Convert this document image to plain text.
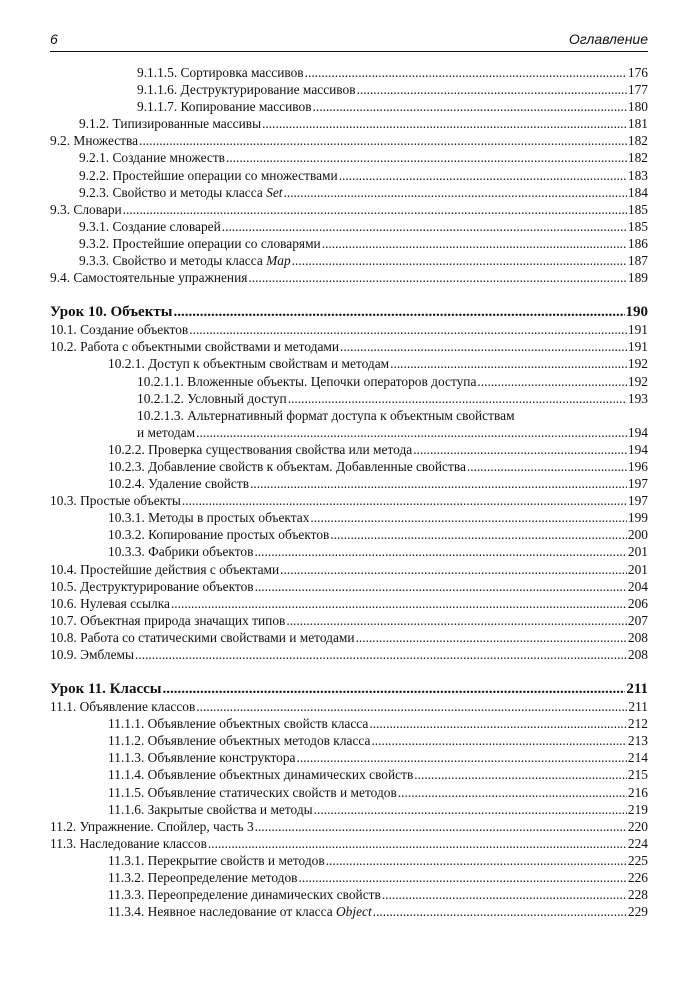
6	Оглавление
9.1.1.5. Сортировка массивов .....	176
9.1.1.6. Деструктурирование массивов .....	177
9.1.1.7. Копирование массивов .....	180
9.1.2. Типизированные массивы .....	181
9.2. Множества .....	182
9.2.1. Создание множеств .....	182
9.2.2. Простейшие операции со множествами .....	183
9.2.3. Свойство и методы класса Set .....	184
9.3. Словари .....	185
9.3.1. Создание словарей .....	185
9.3.2. Простейшие операции со словарями .....	186
9.3.3. Свойство и методы класса Map .....	187
9.4. Самостоятельные упражнения .....	189
Урок 10. Объекты .....	190
10.1. Создание объектов .....	191
10.2. Работа с объектными свойствами и методами .....	191
10.2.1. Доступ к объектным свойствам и методам .....	192
10.2.1.1. Вложенные объекты. Цепочки операторов доступа .....	192
10.2.1.2. Условный доступ .....	193
10.2.1.3. Альтернативный формат доступа к объектным свойствам
и методам .....	194
10.2.2. Проверка существования свойства или метода .....	194
10.2.3. Добавление свойств к объектам. Добавленные свойства .....	196
10.2.4. Удаление свойств .....	197
10.3. Простые объекты .....	197
10.3.1. Методы в простых объектах .....	199
10.3.2. Копирование простых объектов .....	200
10.3.3. Фабрики объектов .....	201
10.4. Простейшие действия с объектами .....	201
10.5. Деструктурирование объектов .....	204
10.6. Нулевая ссылка .....	206
10.7. Объектная природа значащих типов .....	207
10.8. Работа со статическими свойствами и методами .....	208
10.9. Эмблемы .....	208
Урок 11. Классы .....	211
11.1. Объявление классов .....	211
11.1.1. Объявление объектных свойств класса .....	212
11.1.2. Объявление объектных методов класса .....	213
11.1.3. Объявление конструктора .....	214
11.1.4. Объявление объектных динамических свойств .....	215
11.1.5. Объявление статических свойств и методов .....	216
11.1.6. Закрытые свойства и методы .....	219
11.2. Упражнение. Спойлер, часть 3 .....	220
11.3. Наследование классов .....	224
11.3.1. Перекрытие свойств и методов .....	225
11.3.2. Переопределение методов .....	226
11.3.3. Переопределение динамических свойств .....	228
11.3.4. Неявное наследование от класса Object .....	229
